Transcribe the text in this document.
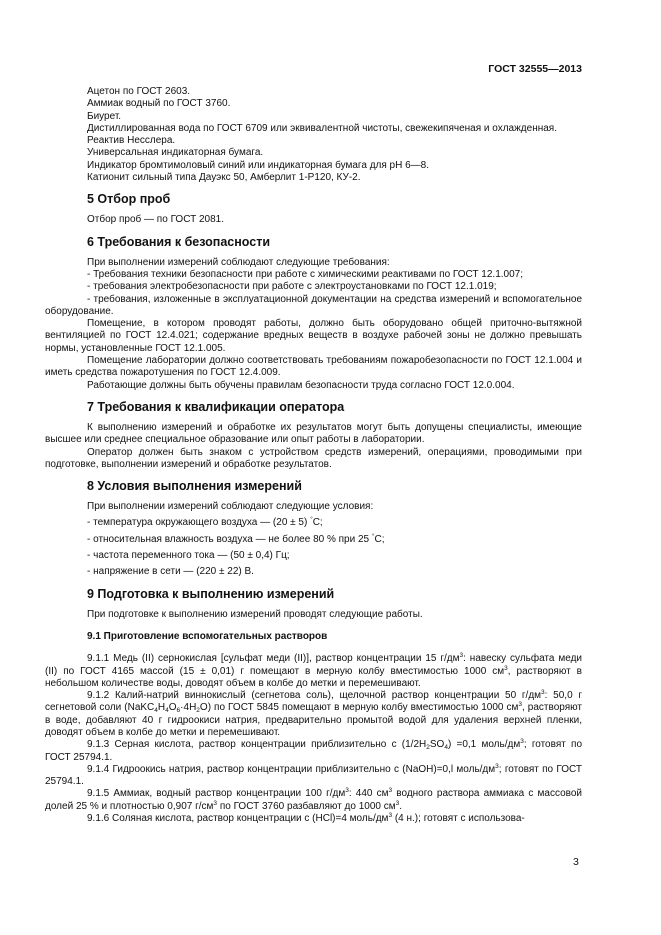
ГОСТ 32555—2013

Ацетон по ГОСТ 2603.

Аммиак водный по ГОСТ 3760.

Биурет.

Дистиллированная вода по ГОСТ 6709 или эквивалентной чистоты, свежекипяченая и охлажденная.

Реактив Несслера.

Универсальная индикаторная бумага.

Индикатор бромтимоловый синий или индикаторная бумага для pH 6—8.

Катионит сильный типа Дауэкс 50, Амберлит 1-Р120, КУ-2.

5 Отбор проб

Отбор проб — по ГОСТ 2081.

6 Требования к безопасности

При выполнении измерений соблюдают следующие требования:

- Требования техники безопасности при работе с химическими реактивами по ГОСТ 12.1.007;

- требования электробезопасности при работе с электроустановками по ГОСТ 12.1.019;

- требования, изложенные в эксплуатационной документации на средства измерений и вспомогательное оборудование.

Помещение, в котором проводят работы, должно быть оборудовано общей приточно-вытяжной вентиляцией по ГОСТ 12.4.021; содержание вредных веществ в воздухе рабочей зоны не должно превышать нормы, установленные ГОСТ 12.1.005.

Помещение лаборатории должно соответствовать требованиям пожаробезопасности по ГОСТ 12.1.004 и иметь средства пожаротушения по ГОСТ 12.4.009.

Работающие должны быть обучены правилам безопасности труда согласно ГОСТ 12.0.004.

7 Требования к квалификации оператора

К выполнению измерений и обработке их результатов могут быть допущены специалисты, имеющие высшее или среднее специальное образование или опыт работы в лаборатории.

Оператор должен быть знаком с устройством средств измерений, операциями, проводимыми при подготовке, выполнении измерений и обработке результатов.

8 Условия выполнения измерений

При выполнении измерений соблюдают следующие условия:

- температура окружающего воздуха — (20 ± 5) °С;

- относительная влажность воздуха — не более 80 % при 25 °С;

- частота переменного тока — (50 ± 0,4) Гц;

- напряжение в сети — (220 ± 22) В.

9 Подготовка к выполнению измерений

При подготовке к выполнению измерений проводят следующие работы.

9.1 Приготовление вспомогательных растворов

9.1.1 Медь (II) сернокислая [сульфат меди (II)], раствор концентрации 15 $г/дм^3$: навеску сульфата меди (II) по ГОСТ 4165 массой (15 ± 0,01) г помещают в мерную колбу вместимостью 1000 $см^3$, растворяют в небольшом количестве воды, доводят объем в колбе до метки и перемешивают.

9.1.2 Калий-натрий виннокислый (сегнетова соль), щелочной раствор концентрации 50 $г/дм^3$: 50,0 г сегнетовой соли $(NaKC_4H_4O_6\cdot 4H_2O)$ по ГОСТ 5845 помещают в мерную колбу вместимостью 1000 $см^3$, растворяют в воде, добавляют 40 г гидроокиси натрия, предварительно промытой водой для удаления верхней пленки, доводят объем в колбе до метки и перемешивают.

9.1.3 Серная кислота, раствор концентрации приблизительно c $(1/2H_2SO_4) =0,1$ моль/$дм^3$; готовят по ГОСТ 25794.1.

9.1.4 Гидроокись натрия, раствор концентрации приблизительно c (NaOH)=0,l моль/$дм^3$; готовят по ГОСТ 25794.1.

9.1.5 Аммиак, водный раствор концентрации 100 $г/дм^3$: 440 $см^3$ водного раствора аммиака с массовой долей 25 % и плотностью 0,907 $г/см^3$ по ГОСТ 3760 разбавляют до 1000 $см^3$.

9.1.6 Соляная кислота, раствор концентрации с (HCl)=4 моль/$дм^3$ (4 н.); готовят с использова-

3
